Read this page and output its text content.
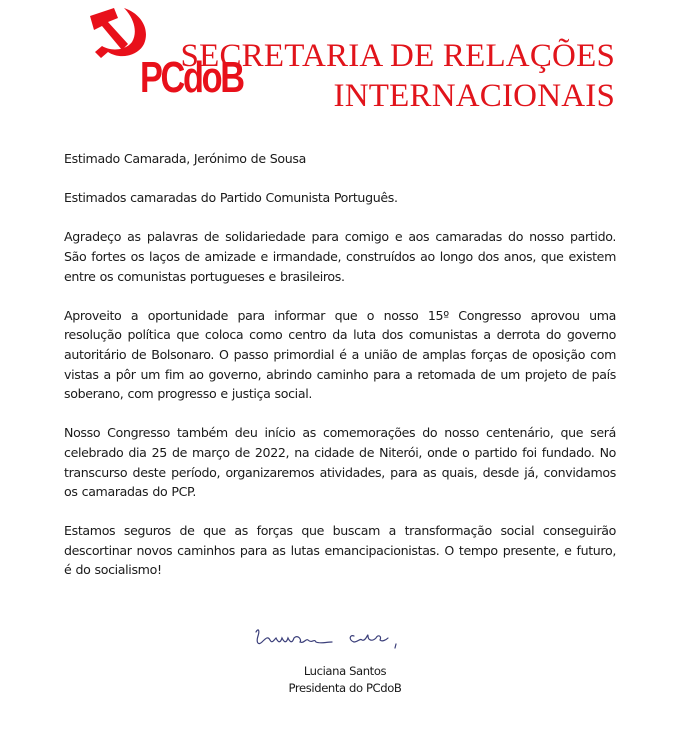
PCdoB
SECRETARIA DE RELAÇÕES
INTERNACIONAIS

Estimado Camarada, Jerónimo de Sousa

Estimados camaradas do Partido Comunista Português.

Agradeço as palavras de solidariedade para comigo e aos camaradas do nosso partido. São fortes os laços de amizade e irmandade, construídos ao longo dos anos, que existem entre os comunistas portugueses e brasileiros.

Aproveito a oportunidade para informar que o nosso 15º Congresso aprovou uma resolução política que coloca como centro da luta dos comunistas a derrota do governo autoritário de Bolsonaro. O passo primordial é a união de amplas forças de oposição com vistas a pôr um fim ao governo, abrindo caminho para a retomada de um projeto de país soberano, com progresso e justiça social.

Nosso Congresso também deu início as comemorações do nosso centenário, que será celebrado dia 25 de março de 2022, na cidade de Niterói, onde o partido foi fundado. No transcurso deste período, organizaremos atividades, para as quais, desde já, convidamos os camaradas do PCP.

Estamos seguros de que as forças que buscam a transformação social conseguirão descortinar novos caminhos para as lutas emancipacionistas. O tempo presente, e futuro, é do socialismo!

Luciana Santos
Presidenta do PCdoB
